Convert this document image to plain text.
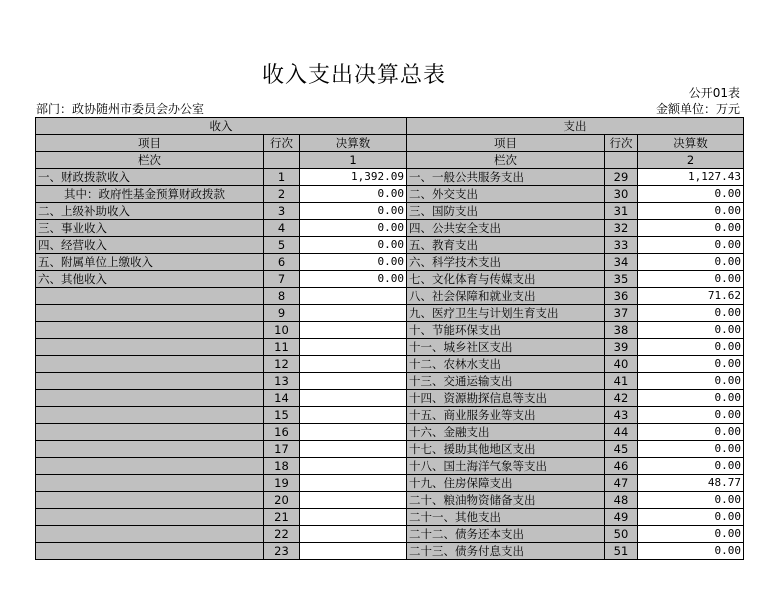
收入支出决算总表
公开01表
部门：政协随州市委员会办公室	金额单位：万元
收入			支出		
项目	行次	决算数	项目	行次	决算数
栏次		1	栏次		2
一、财政拨款收入	1	1,392.09	一、一般公共服务支出	29	1,127.43
其中：政府性基金预算财政拨款	2	0.00	二、外交支出	30	0.00
二、上级补助收入	3	0.00	三、国防支出	31	0.00
三、事业收入	4	0.00	四、公共安全支出	32	0.00
四、经营收入	5	0.00	五、教育支出	33	0.00
五、附属单位上缴收入	6	0.00	六、科学技术支出	34	0.00
六、其他收入	7	0.00	七、文化体育与传媒支出	35	0.00
	8		八、社会保障和就业支出	36	71.62
	9		九、医疗卫生与计划生育支出	37	0.00
	10		十、节能环保支出	38	0.00
	11		十一、城乡社区支出	39	0.00
	12		十二、农林水支出	40	0.00
	13		十三、交通运输支出	41	0.00
	14		十四、资源勘探信息等支出	42	0.00
	15		十五、商业服务业等支出	43	0.00
	16		十六、金融支出	44	0.00
	17		十七、援助其他地区支出	45	0.00
	18		十八、国土海洋气象等支出	46	0.00
	19		十九、住房保障支出	47	48.77
	20		二十、粮油物资储备支出	48	0.00
	21		二十一、其他支出	49	0.00
	22		二十二、债务还本支出	50	0.00
	23		二十三、债务付息支出	51	0.00
